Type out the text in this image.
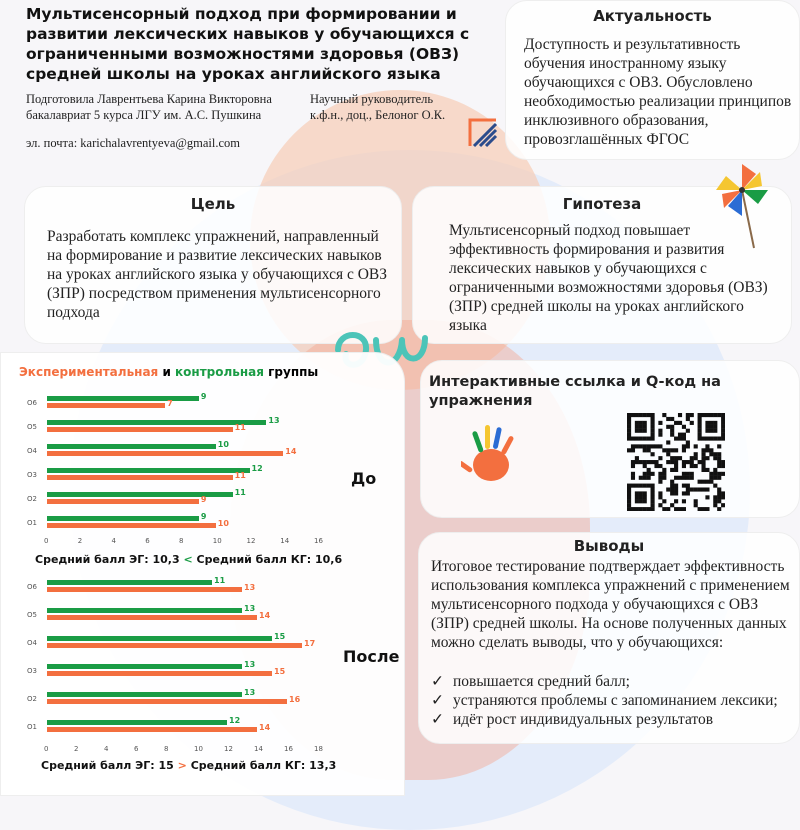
Мультисенсорный подход при формировании и развитии лексических навыков у обучающихся с ограниченными возможностями здоровья (ОВЗ) средней школы на уроках английского языка
Подготовила Лаврентьева Карина Викторовна
бакалавриат 5 курса ЛГУ им. А.С. Пушкина
эл. почта: karichalavrentyeva@gmail.com
Научный руководитель
к.ф.н., доц., Белоног О.К.
Актуальность
Доступность и результативность обучения иностранному языку обучающихся с ОВЗ. Обусловлено необходимостью реализации принципов инклюзивного образования, провозглашённых ФГОС
Цель
Разработать комплекс упражнений, направленный на формирование и развитие лексических навыков на уроках английского языка у обучающихся с ОВЗ (ЗПР) посредством применения мультисенсорного подхода
Гипотеза
Мультисенсорный подход повышает эффективность формирования и развития лексических навыков у обучающихся с ограниченными возможностями здоровья (ОВЗ) (ЗПР) средней школы на уроках английского языка
Экспериментальная и контрольная группы
О6
9
7
О5
13
11
О4
10
14
О3
12
11
О2
11
9
О1
9
10
0	2	4	6	8	10	12	14	16
О6
11
13
О5
13
14
О4
15
17
О3
13
15
О2
13
16
О1
12
14
0	2	4	6	8	10	12	14	16	18
До
После
Средний балл ЭГ: 10,3 < Средний балл КГ: 10,6
Средний балл ЭГ: 15 > Средний балл КГ: 13,3
Интерактивные ссылка и Q-код на упражнения
Выводы
Итоговое тестирование подтверждает эффективность использования комплекса упражнений с применением мультисенсорного подхода у обучающихся с ОВЗ (ЗПР) средней школы. На основе полученных данных можно сделать выводы, что у обучающихся:
✓ повышается средний балл;
✓ устраняются проблемы с запоминанием лексики;
✓ идёт рост индивидуальных результатов
